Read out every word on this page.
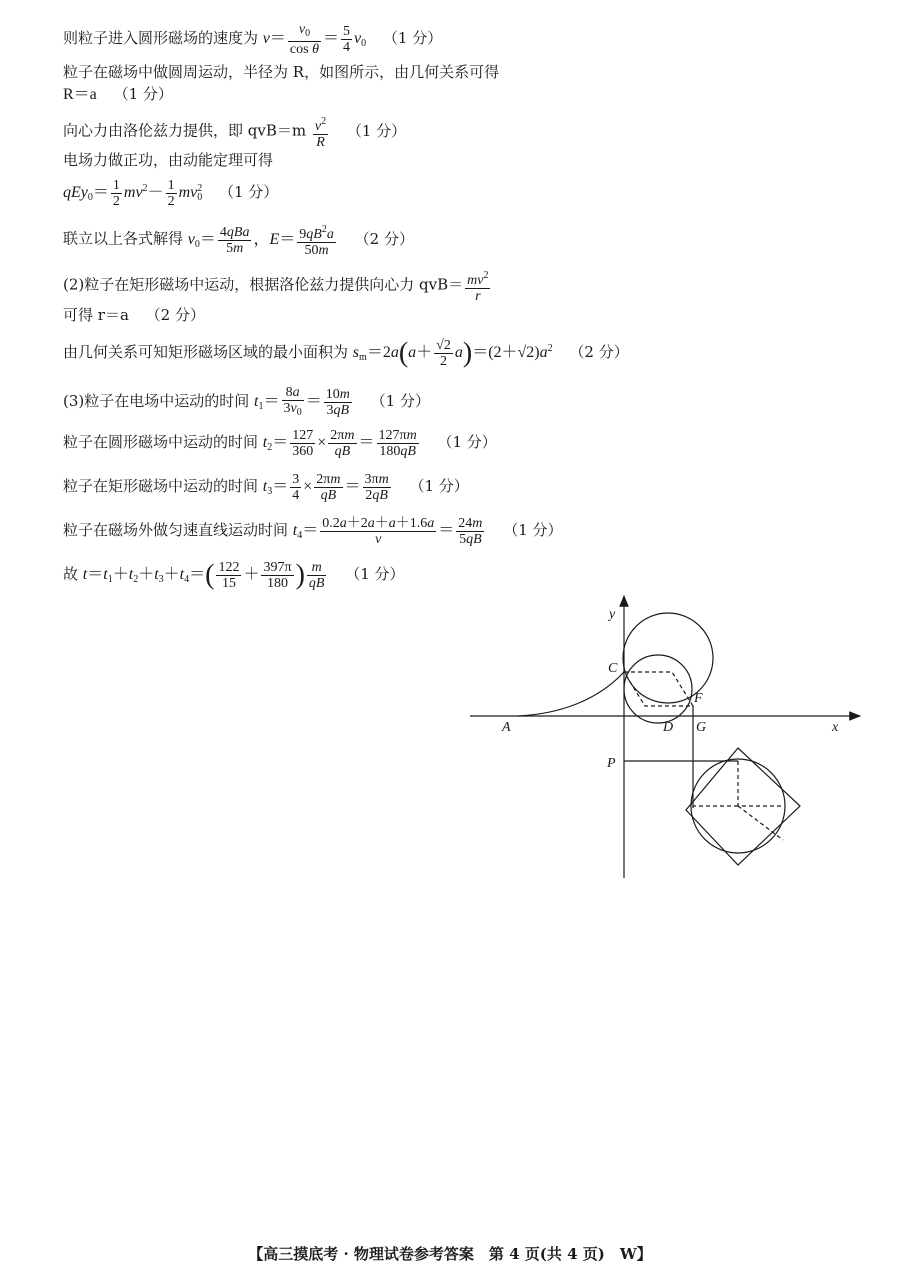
则粒子进入圆形磁场的速度为 $v= \frac{v_0}{\text{cos θ}} = \frac{5}{4} v_0$ （1 分）
粒子在磁场中做圆周运动，半径为 R，如图所示，由几何关系可得
R＝a （1 分）
向心力由洛伦兹力提供，即 $qvB=m \frac{v^2}{R} (1$ 分）
电场力做正功，由动能定理可得
$qEy_0= \frac{1}{2} mv^2- \frac{1}{2} mv_0^2$ （1 分）
联立以上各式解得 $v_0= \frac{\text{4qBa}}{5m}$ ，$E= \frac{9qB^2a}{50m} (2$ 分）
(2)粒子在矩形磁场中运动，根据洛伦兹力提供向心力 $qvB= \frac{mv^2}{r}$
可得 r＝a （2 分）
由几何关系可知矩形磁场区域的最小面积为 $s_m=2a(a+ \frac{√2}{2} a)=(2+√2)a^2$ （2 分）
(3)粒子在电场中运动的时间 $t_1= \frac{8a}{3v_0} = \frac{10m}{3qB} (1$ 分）
粒子在圆形磁场中运动的时间 $t_2= \frac{127}{360} \times \frac{2\pi m}{qB} = \frac{127\pi m}{180qB} (1$ 分）
粒子在矩形磁场中运动的时间 $t_3= \frac{3}{4} \times \frac{2\pi m}{qB} = \frac{3\pi m}{2qB} (1$ 分）
粒子在磁场外做匀速直线运动时间 $t_4= \frac{0.2a+2a+a+1.6a}{v} = \frac{24m}{5qB} (1$ 分）
故 $t=t_1+t_2+t_3+t_4=( \frac{122}{15} + \frac{397\pi}{180}$ ) $\frac{m}{qB} (1$ 分）
y
x
C
A	D G
F
P
【高三摸底考 · 物理试卷参考答案　第 4 页(共 4 页)　W】
